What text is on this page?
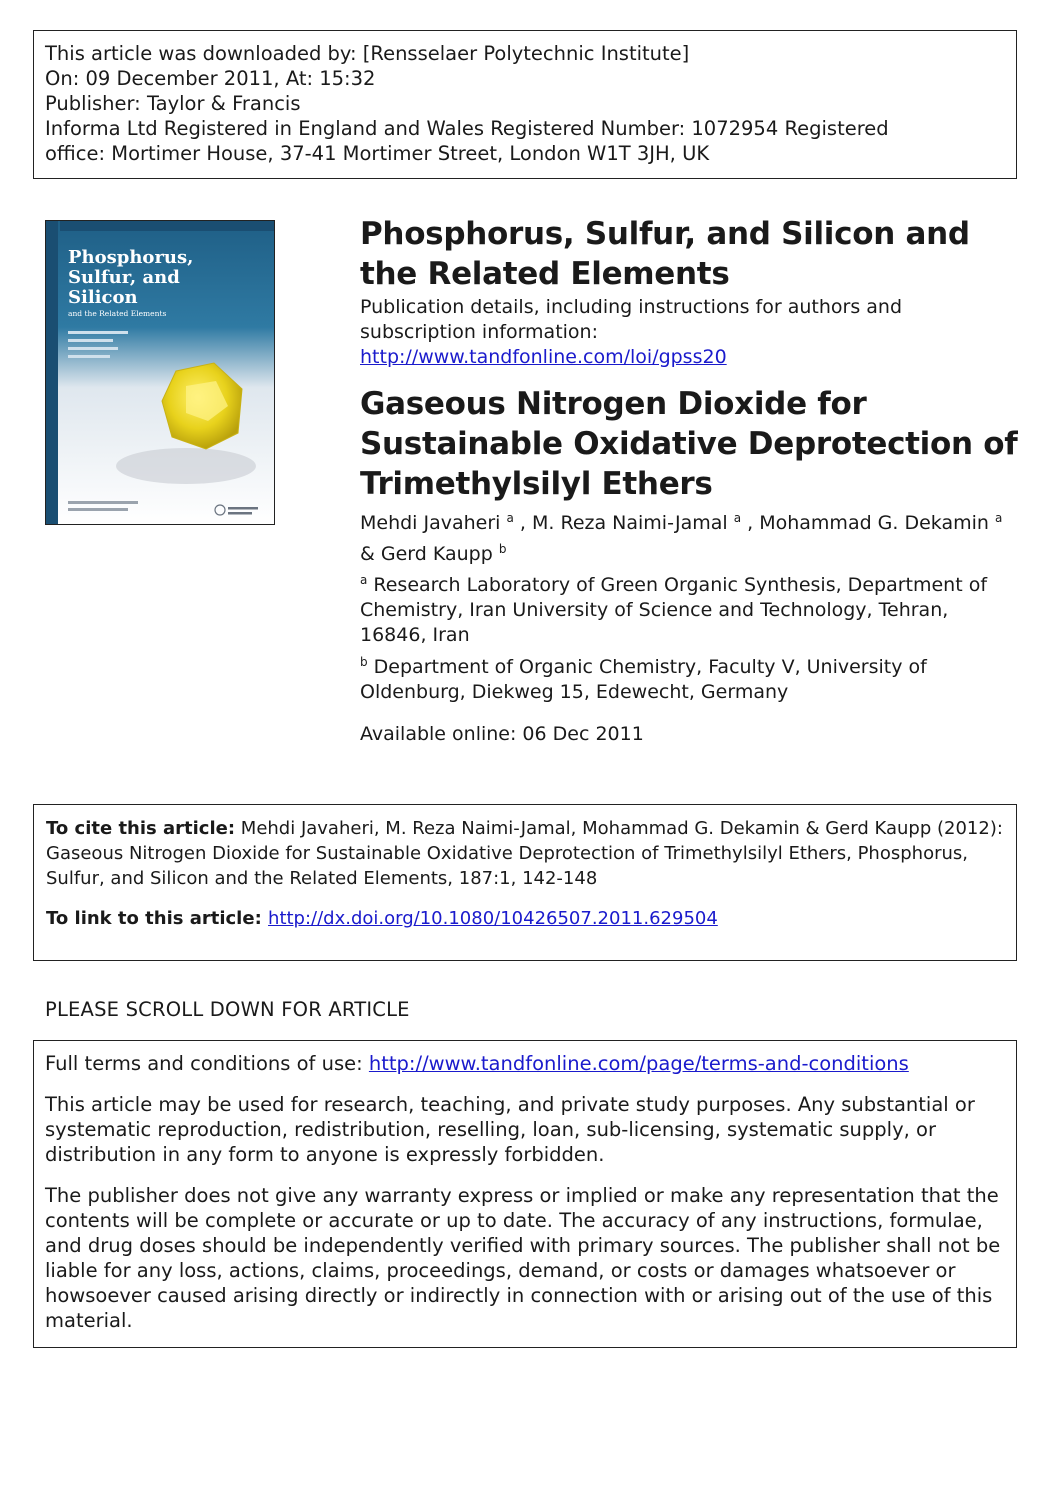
This article was downloaded by: [Rensselaer Polytechnic Institute]
On: 09 December 2011, At: 15:32
Publisher: Taylor & Francis
Informa Ltd Registered in England and Wales Registered Number: 1072954 Registered
office: Mortimer House, 37-41 Mortimer Street, London W1T 3JH, UK
Phosphorus,
Sulfur, and
Silicon
and the Related Elements
Phosphorus, Sulfur, and Silicon and the Related Elements
Publication details, including instructions for authors and subscription information:
http://www.tandfonline.com/loi/gpss20
Gaseous Nitrogen Dioxide for Sustainable Oxidative Deprotection of Trimethylsilyl Ethers
Mehdi Javaheri $^a$ , M. Reza Naimi-Jamal $^a$ , Mohammad G. Dekamin $^a$
& Gerd Kaupp $^b$
$^a$ Research Laboratory of Green Organic Synthesis, Department of Chemistry, Iran University of Science and Technology, Tehran, 16846, Iran
$^b$ Department of Organic Chemistry, Faculty V, University of Oldenburg, Diekweg 15, Edewecht, Germany
Available online: 06 Dec 2011
To cite this article: Mehdi Javaheri, M. Reza Naimi-Jamal, Mohammad G. Dekamin & Gerd Kaupp (2012): Gaseous Nitrogen Dioxide for Sustainable Oxidative Deprotection of Trimethylsilyl Ethers, Phosphorus, Sulfur, and Silicon and the Related Elements, 187:1, 142-148
To link to this article: http://dx.doi.org/10.1080/10426507.2011.629504
PLEASE SCROLL DOWN FOR ARTICLE

Full terms and conditions of use: http://www.tandfonline.com/page/terms-and-conditions

This article may be used for research, teaching, and private study purposes. Any substantial or systematic reproduction, redistribution, reselling, loan, sub-licensing, systematic supply, or distribution in any form to anyone is expressly forbidden.

The publisher does not give any warranty express or implied or make any representation that the contents will be complete or accurate or up to date. The accuracy of any instructions, formulae, and drug doses should be independently verified with primary sources. The publisher shall not be liable for any loss, actions, claims, proceedings, demand, or costs or damages whatsoever or howsoever caused arising directly or indirectly in connection with or arising out of the use of this material.
